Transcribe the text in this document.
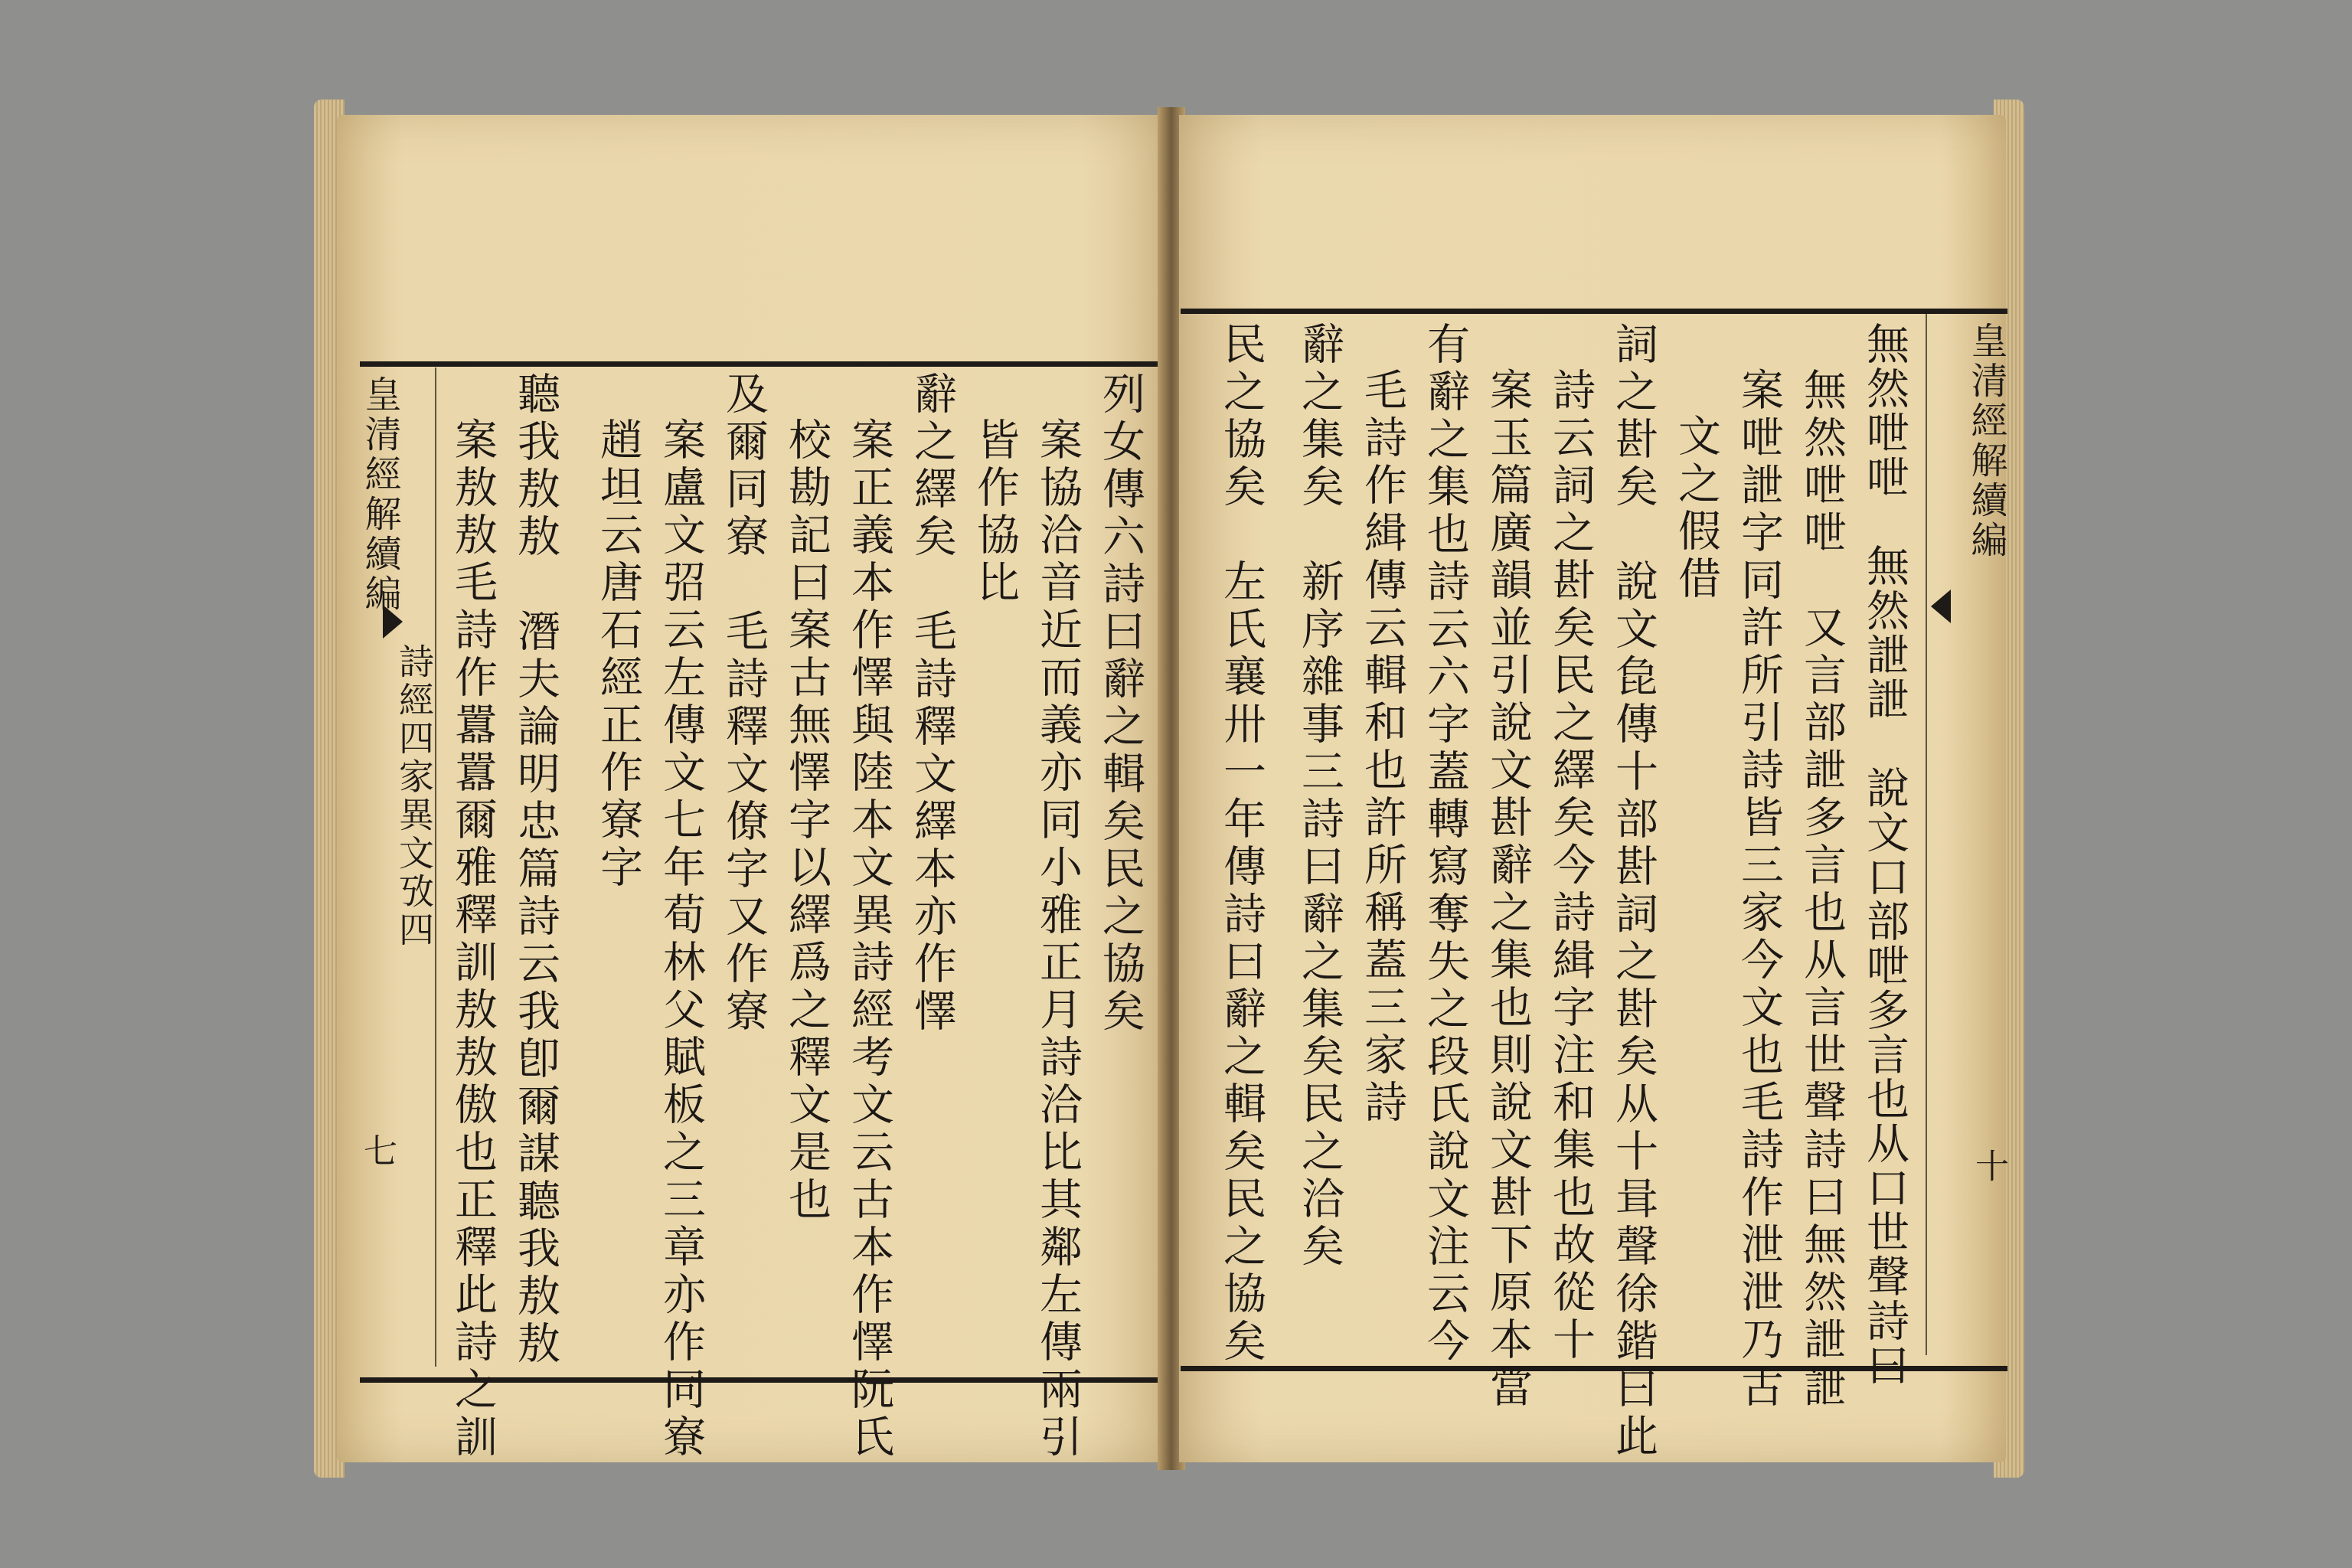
皇清經解續編
詩經四家異文攷四
七
列女傳六詩曰辭之輯矣民之協矣
案協洽音近而義亦同小雅正月詩洽比其鄰左傳兩引
皆作協比
辭之繹矣　毛詩釋文繹本亦作懌
案正義本作懌與陸本文異詩經考文云古本作懌阮氏
校勘記曰案古無懌字以繹爲之釋文是也
及爾同寮　毛詩釋文僚字又作寮
案盧文弨云左傳文七年荀林父賦板之三章亦作同寮
趙坦云唐石經正作寮字
聽我敖敖　潛夫論明忠篇詩云我卽爾謀聽我敖敖
案敖敖毛詩作囂囂爾雅釋訓敖敖傲也正釋此詩之訓	皇清經解續編
十
無然呭呭　無然詍詍　說文口部呭多言也从口世聲詩曰
無然呭呭　又言部詍多言也从言世聲詩曰無然詍詍
案呭詍字同許所引詩皆三家今文也毛詩作泄泄乃古
文之假借
詞之卙矣　說文㲋傳十部卙詞之卙矣从十咠聲徐鍇曰此
詩云詞之卙矣民之繹矣今詩緝字注和集也故從十
案玉篇廣韻並引說文卙辭之集也則說文卙下原本當
有辭之集也詩云六字蓋轉寫奪失之段氏說文注云今
毛詩作緝傳云輯和也許所稱蓋三家詩
辭之集矣　新序雜事三詩曰辭之集矣民之洽矣
民之協矣　左氏襄卅一年傳詩曰辭之輯矣民之協矣
